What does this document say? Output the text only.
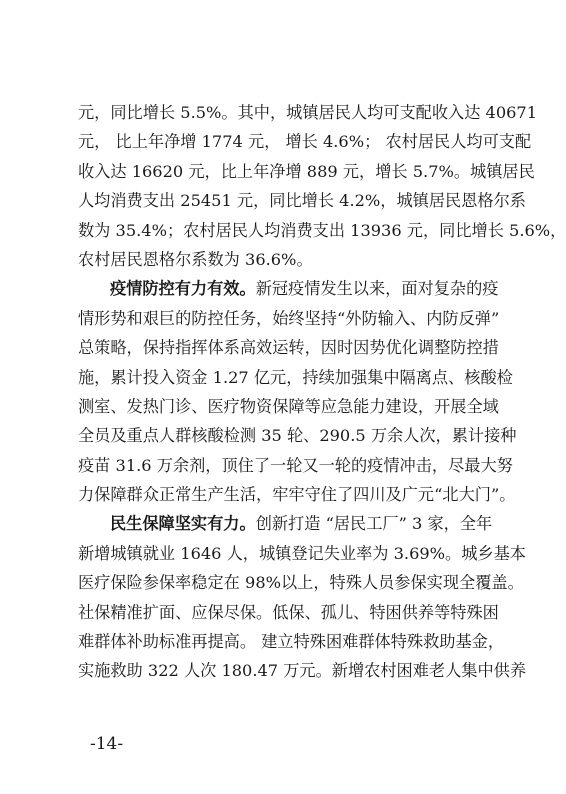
元，同比增长 5.5%。其中，城镇居民人均可支配收入达 40671
元， 比上年净增 1774 元， 增长 4.6%； 农村居民人均可支配
收入达 16620 元，比上年净增 889 元，增长 5.7%。城镇居民
人均消费支出 25451 元，同比增长 4.2%，城镇居民恩格尔系
数为 35.4%；农村居民人均消费支出 13936 元，同比增长 5.6%，
农村居民恩格尔系数为 36.6%。
疫情防控有力有效。新冠疫情发生以来，面对复杂的疫
情形势和艰巨的防控任务，始终坚持“外防输入、内防反弹”
总策略，保持指挥体系高效运转，因时因势优化调整防控措
施，累计投入资金 1.27 亿元，持续加强集中隔离点、核酸检
测室、发热门诊、医疗物资保障等应急能力建设，开展全域
全员及重点人群核酸检测 35 轮、290.5 万余人次，累计接种
疫苗 31.6 万余剂，顶住了一轮又一轮的疫情冲击，尽最大努
力保障群众正常生产生活，牢牢守住了四川及广元“北大门”。
民生保障坚实有力。创新打造 “居民工厂” 3 家，全年
新增城镇就业 1646 人，城镇登记失业率为 3.69%。城乡基本
医疗保险参保率稳定在 98%以上，特殊人员参保实现全覆盖。
社保精准扩面、应保尽保。低保、孤儿、特困供养等特殊困
难群体补助标准再提高。 建立特殊困难群体特殊救助基金，
实施救助 322 人次 180.47 万元。新增农村困难老人集中供养
-14-
